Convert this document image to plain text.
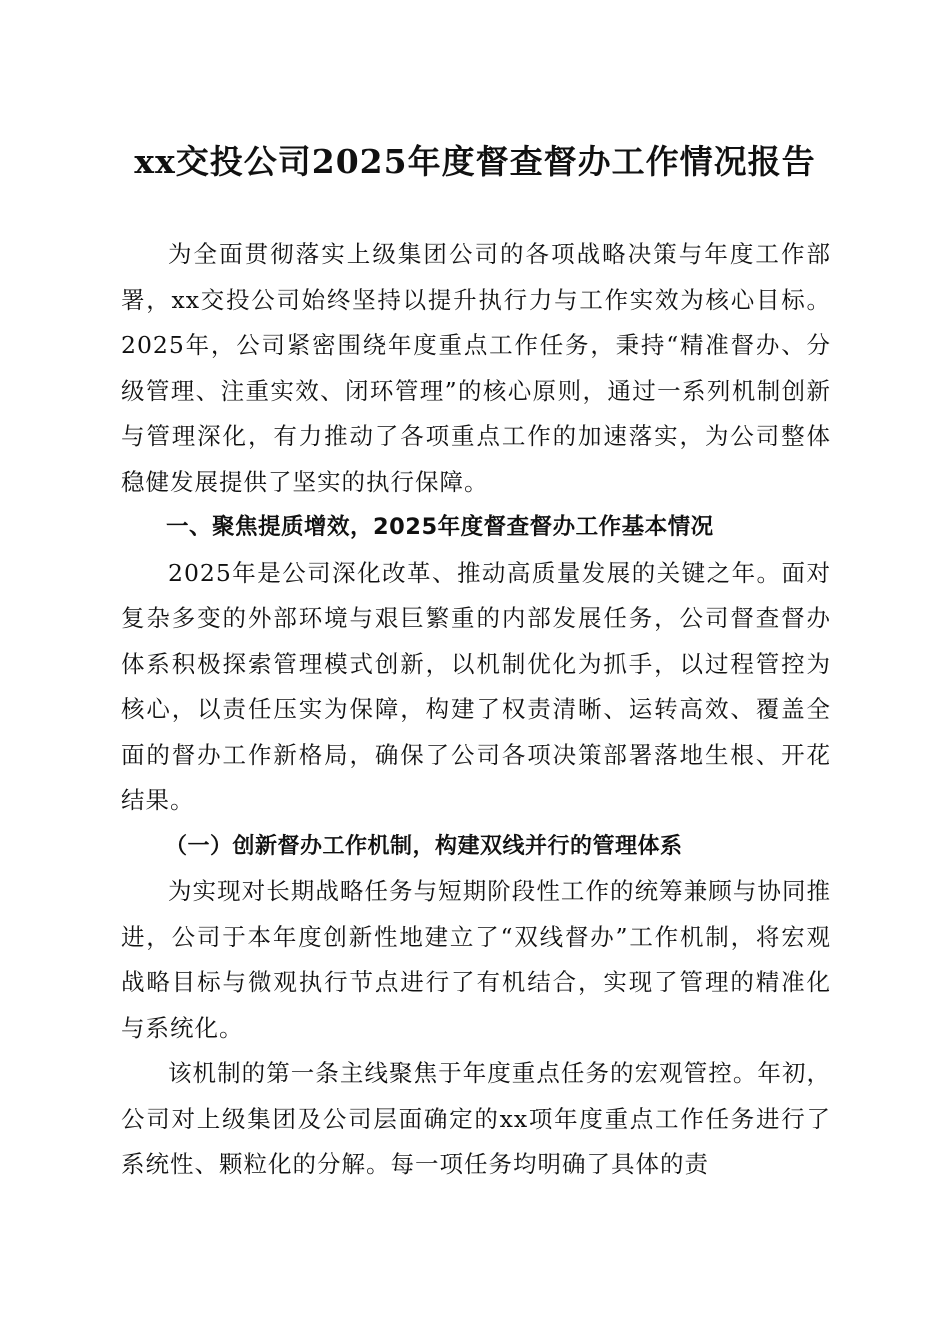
xx交投公司2025年度督查督办工作情况报告

为全面贯彻落实上级集团公司的各项战略决策与年度工作部署，xx交投公司始终坚持以提升执行力与工作实效为核心目标。2025年，公司紧密围绕年度重点工作任务，秉持“精准督办、分级管理、注重实效、闭环管理”的核心原则，通过一系列机制创新与管理深化，有力推动了各项重点工作的加速落实，为公司整体稳健发展提供了坚实的执行保障。

一、聚焦提质增效，2025年度督查督办工作基本情况

2025年是公司深化改革、推动高质量发展的关键之年。面对复杂多变的外部环境与艰巨繁重的内部发展任务，公司督查督办体系积极探索管理模式创新，以机制优化为抓手，以过程管控为核心，以责任压实为保障，构建了权责清晰、运转高效、覆盖全面的督办工作新格局，确保了公司各项决策部署落地生根、开花结果。

（一）创新督办工作机制，构建双线并行的管理体系

为实现对长期战略任务与短期阶段性工作的统筹兼顾与协同推进，公司于本年度创新性地建立了“双线督办”工作机制，将宏观战略目标与微观执行节点进行了有机结合，实现了管理的精准化与系统化。

该机制的第一条主线聚焦于年度重点任务的宏观管控。年初，公司对上级集团及公司层面确定的xx项年度重点工作任务进行了系统性、颗粒化的分解。每一项任务均明确了具体的责
